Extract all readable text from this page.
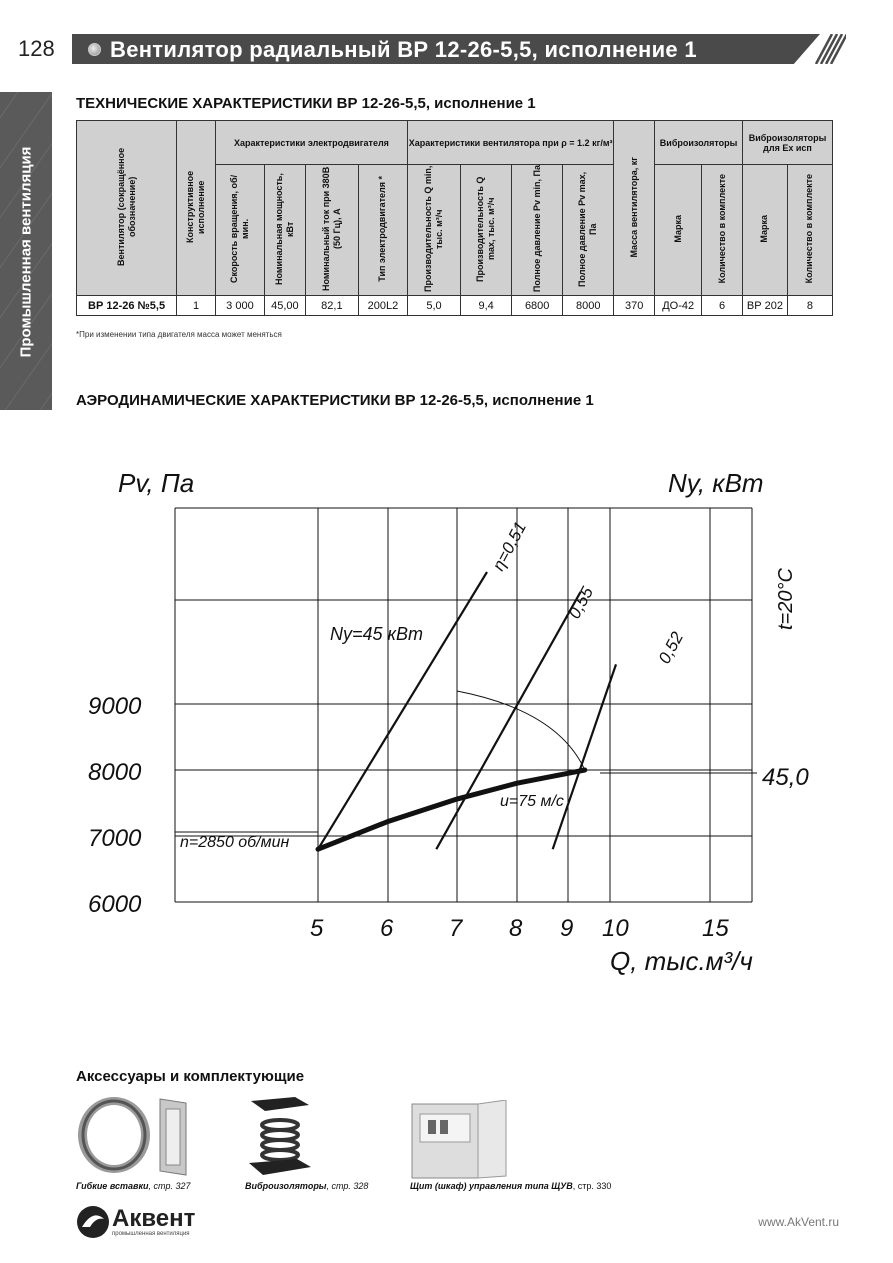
128	Вентилятор радиальный ВР 12-26-5,5, исполнение 1
Промышленная вентиляция
ТЕХНИЧЕСКИЕ ХАРАКТЕРИСТИКИ ВР 12-26-5,5, исполнение 1
Вентилятор (сокращённое обозначение)	Конструктивное исполнение	Характеристики электродвигателя				Характеристики вентилятора при ρ = 1.2 кг/м³				Масса вентилятора, кг	Виброизоляторы		Виброизоляторы для Ex исп	
		Скорость вращения, об/мин.	Номинальная мощность, кВт	Номинальный ток при 380В (50 Гц), А	Тип электродвигателя *	Производительность Q min, тыс. м³/ч	Производительность Q max, тыс. м³/ч	Полное давление Pv min, Па	Полное давление Pv max, Па		Марка	Количество в комплекте	Марка	Количество в комплекте
ВР 12-26 №5,5	1	3 000	45,00	82,1	200L2	5,0	9,4	6800	8000	370	ДО-42	6	ВР 202	8
*При изменении типа двигателя масса может меняться
АЭРОДИНАМИЧЕСКИЕ ХАРАКТЕРИСТИКИ ВР 12-26-5,5, исполнение 1
Pv, Па	Ny, кВт
Q, тыс.м³/ч
6000
7000
8000
9000
5 6 7 8 9 10	15
45,0
t=20°C
η=0,51
0,55
0,52
Ny=45 кВт
n=2850 об/мин
u=75 м/с
Аксессуары и комплектующие
Гибкие вставки, стр. 327	Виброизоляторы, стр. 328	Щит (шкаф) управления типа ЩУВ, стр. 330
Аквент
промышленная вентиляция
www.AkVent.ru
